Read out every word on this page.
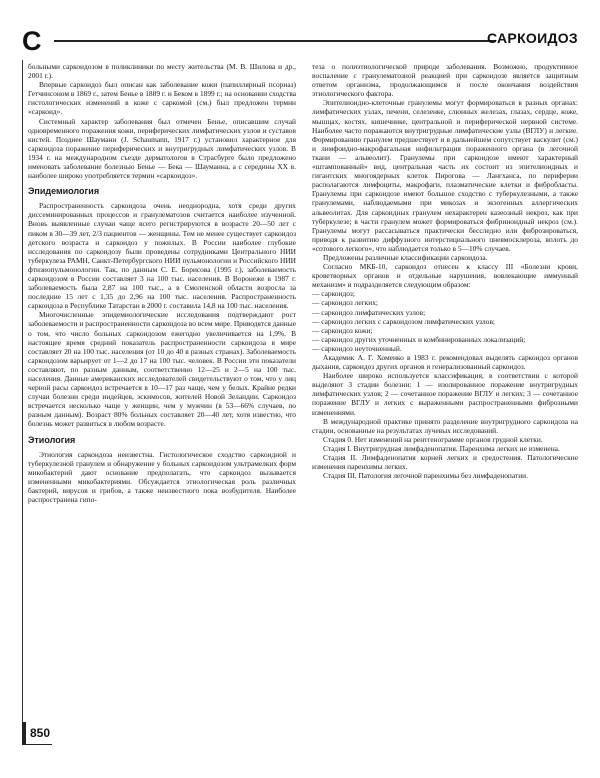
С	САРКОИДОЗ

больными саркоидозом в поликлиники по месту жительства (М. В. Шилова и др., 2001 г.).

Впервые саркоидоз был описан как заболевание кожи (папиллярный псориаз) Гетчинсоном в 1869 г., затем Бенье в 1889 г. и Беком в 1899 г.; на основании сходства гистологических изменений в коже с саркомой (см.) был предложен термин «саркоид».

Системный характер заболевания был отмечен Бенье, описавшим случай одновременного поражения кожи, периферических лимфатических узлов и суставов кистей. Позднее Шауманн (J. Schaumann, 1917 г.) установил характерное для саркоидоза поражение периферических и внутригрудных лимфатических узлов. В 1934 г. на международном съезде дерматологов в Страсбурге было предложено именовать заболевание болезнью Бенье — Бека — Шауманна, а с середины XX в. наиболее широко употребляется термин «саркоидоз».

Эпидемиология

Распространенность саркоидоза очень неоднородна, хотя среди других диссеминированных процессов и гранулематозов считается наиболее изученной. Вновь выявленные случаи чаще всего регистрируются в возрасте 20—50 лет с пиком в 30—39 лет, 2/3 пациентов — женщины. Тем не менее существует саркоидоз детского возраста и саркоидоз у пожилых. В России наиболее глубокие исследования по саркоидозу были проведены сотрудниками Центрального НИИ туберкулеза РАМН, Санкт-Петербургского НИИ пульмонологии и Российского НИИ фтизиопульмонологии. Так, по данным С. Е. Борисова (1995 г.), заболеваемость саркоидозом в России составляет 3 на 100 тыс. населения. В Воронеже в 1987 г. заболеваемость была 2,87 на 100 тыс., а в Смоленской области возросла за последние 15 лет с 1,35 до 2,96 на 100 тыс. населения. Распространенность саркоидоза в Республике Татарстан в 2000 г. составила 14,8 на 100 тыс. населения.

Многочисленные эпидемиологические исследования подтверждают рост заболеваемости и распространенности саркоидоза во всем мире. Приводятся данные о том, что число больных саркоидозом ежегодно увеличивается на 1,9%. В настоящее время средний показатель распространенности саркоидоза в мире составляет 20 на 100 тыс. населения (от 10 до 40 в разных странах). Заболеваемость саркоидозом варьирует от 1—2 до 17 на 100 тыс. человек. В России эти показатели составляют, по разным данным, соответственно 12—25 и 2—5 на 100 тыс. населения. Данные американских исследователей свидетельствуют о том, что у лиц черной расы саркоидоз встречается в 10—17 раз чаще, чем у белых. Крайне редки случаи болезни среди индейцев, эскимосов, жителей Новой Зеландии. Саркоидоз встречается несколько чаще у женщин, чем у мужчин (в 53—66% случаев, по разным данным). Возраст 80% больных составляет 20—40 лет, хотя известно, что болезнь может развиться в любом возрасте.

Этиология

Этиология саркоидоза неизвестна. Гистологическое сходство саркоидной и туберкулезной гранулем и обнаружение у больных саркоидозом ультрамелких форм микобактерий дают основание предполагать, что саркоидоз вызывается измененными микобактериями. Обсуждается этиологическая роль различных бактерий, вирусов и грибов, а также неизвестного пока возбудителя. Наиболее распространена гипо-

теза о полиэтиологической природе заболевания. Возможно, продуктивное воспаление с гранулематозной реакцией при саркоидозе является защитным ответом организма, продолжающимся и после окончания воздействия этиологического фактора.

Эпителиоидно-клеточные гранулемы могут формироваться в разных органах: лимфатических узлах, печени, селезенке, слюнных железах, глазах, сердце, коже, мышцах, костях, кишечнике, центральной и периферической нервной системе. Наиболее часто поражаются внутригрудные лимфатические узлы (ВГЛУ) и легкие. Формированию гранулем предшествует и в дальнейшем сопутствует васкулит (см.) и лимфоидно-макрофагальная инфильтрация пораженного органа (в легочной ткани — альвеолит). Гранулемы при саркоидозе имеют характерный «штампованный» вид, центральная часть их состоит из эпителиоидных и гигантских многоядерных клеток Пирогова — Лангханса, по периферии располагаются лимфоциты, макрофаги, плазматические клетки и фибробласты. Гранулемы при саркоидозе имеют большое сходство с туберкулезными, а также гранулемами, наблюдаемыми при микозах и экзогенных аллергических альвеолитах. Для саркоидных гранулем нехарактерен казеозный некроз, как при туберкулезе; в части гранулем может формироваться фибриноидный некроз (см.). Гранулемы могут рассасываться практически бесследно или фиброзироваться, приводя к развитию диффузного интерстициального пневмосклероза, вплоть до «сотового легкого», что наблюдается только в 5—10% случаев.

Предложены различные классификации саркоидоза.

Согласно МКБ-10, саркоидоз отнесен к классу III «Болезни крови, кроветворных органов и отдельные нарушения, вовлекающие иммунный механизм» и подразделяется следующим образом:

— саркоидоз;

— саркоидоз легких;

— саркоидоз лимфатических узлов;

— саркоидоз легких с саркоидозом лимфатических узлов;

— саркоидоз кожи;

— саркоидоз других уточненных и комбинированных локализаций;

— саркоидоз неуточненный.

Академик А. Г. Хоменко в 1983 г. рекомендовал выделять саркоидоз органов дыхания, саркоидоз других органов и генерализованный саркоидоз.

Наиболее широко используется классификация, в соответствии с которой выделяют 3 стадии болезни: 1 — изолированное поражение внутригрудных лимфатических узлов; 2 — сочетанное поражение ВГЛУ и легких; 3 — сочетанное поражение ВГЛУ и легких с выраженными распространенными фиброзными изменениями.

В международной практике принято разделение внутригрудного саркоидоза на стадии, основанные на результатах лучевых исследований.

Стадия 0. Нет изменений на рентгенограмме органов грудной клетки.

Стадия I. Внутригрудная лимфаденопатия. Паренхима легких не изменена.

Стадия II. Лимфаденопатия корней легких и средостения. Патологические изменения паренхимы легких.

Стадия III. Патология легочной паренхимы без лимфаденопатии.

850
